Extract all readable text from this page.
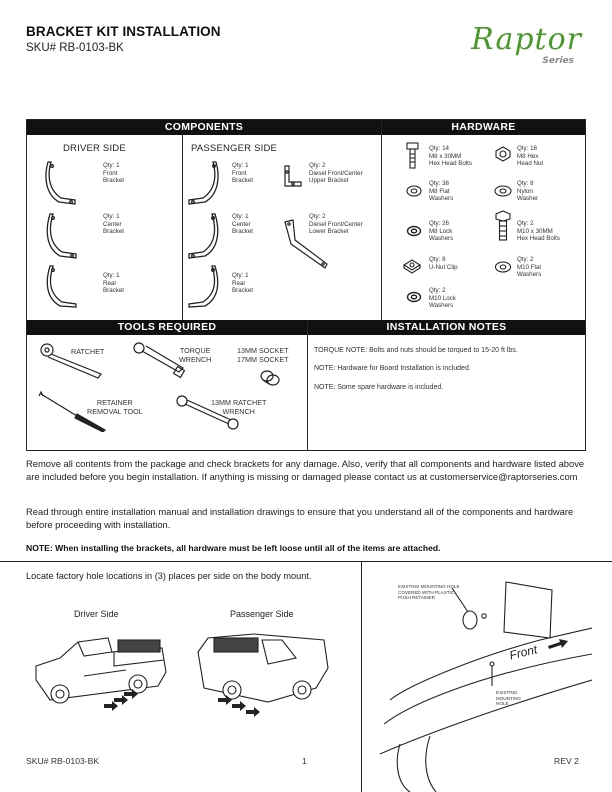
BRACKET KIT INSTALLATION
SKU# RB-0103-BK	Raptor
Series
COMPONENTS	HARDWARE
DRIVER SIDE	PASSENGER SIDE
Qty: 1
Front
Bracket
Qty: 1
Center
Bracket
Qty: 1
Rear
Bracket
Qty: 1
Front
Bracket
Qty: 1
Center
Bracket
Qty: 1
Rear
Bracket
Qty: 2
Diesel Front/Center
Upper Bracket
Qty: 2
Diesel Front/Center
Lower Bracket
Qty: 14
M8 x 30MM
Hex Head Bolts
Qty: 18
M8 Hex
Head Nut
Qty: 38
M8 Flat
Washers
Qty: 8
Nylon
Washer
Qty: 26
M8 Lock
Washers
Qty: 2
M10 x 30MM
Hex Head Bolts
Qty: 8
U-Nut Clip
Qty: 2
M10 Flat
Washers
Qty: 2
M10 Lock
Washers
TOOLS REQUIRED	INSTALLATION NOTES
RATCHET	TORQUE
WRENCH
13MM SOCKET
17MM SOCKET
RETAINER
REMOVAL TOOL
13MM RATCHET
WRENCH
TORQUE NOTE: Bolts and nuts should be torqued to 15-20 ft lbs.
NOTE: Hardware for Board Installation is included.
NOTE: Some spare hardware is included.
Remove all contents from the package and check brackets for any damage. Also, verify that all components and hardware listed above are included before you begin installation. If anything is missing or damaged please contact us at customerservice@raptorseries.com
Read through entire installation manual and installation drawings to ensure that you understand all of the components and hardware before proceeding with installation.
NOTE: When installing the brackets, all hardware must be left loose until all of the items are attached.
Locate factory hole locations in (3) places per side on the body mount.
Driver Side	Passenger Side
EXISTING MOUNTING HOLE
COVERED WITH PLASTIC
PUSH RETAINER
Front
EXISTING
MOUNTING
HOLE
SKU# RB-0103-BK	1	REV 2
